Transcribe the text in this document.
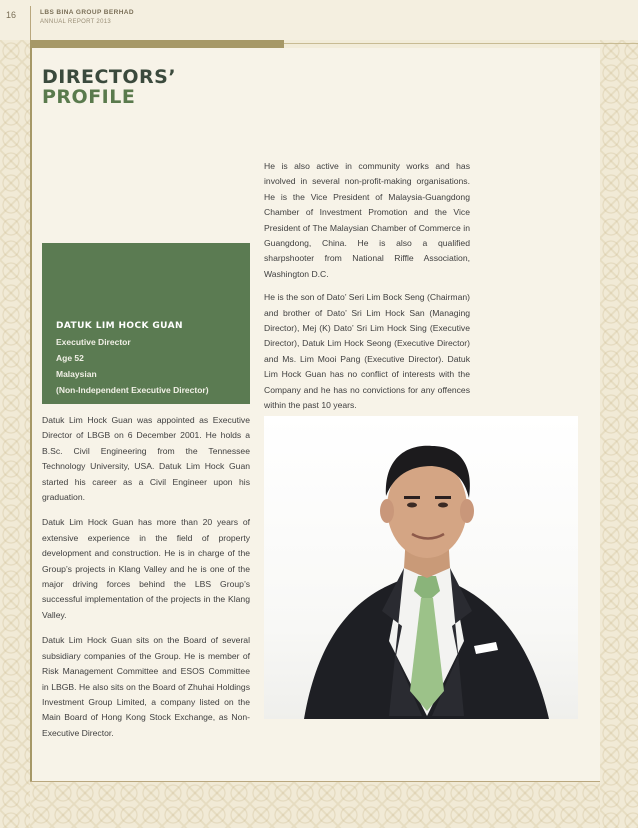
16	LBS BINA GROUP BERHAD
ANNUAL REPORT 2013
DIRECTORS’
PROFILE

He is also active in community works and has involved in several non-profit-making organisations. He is the Vice President of Malaysia-Guangdong Chamber of Investment Promotion and the Vice President of The Malaysian Chamber of Commerce in Guangdong, China. He is also a qualified sharpshooter from National Riffle Association, Washington D.C.

He is the son of Dato’ Seri Lim Bock Seng (Chairman) and brother of Dato’ Sri Lim Hock San (Managing Director), Mej (K) Dato’ Sri Lim Hock Sing (Executive Director), Datuk Lim Hock Seong (Executive Director) and Ms. Lim Mooi Pang (Executive Director). Datuk Lim Hock Guan has no conflict of interests with the Company and he has no convictions for any offences within the past 10 years.

DATUK LIM HOCK GUAN
Executive Director
Age 52
Malaysian
(Non-Independent Executive Director)

Datuk Lim Hock Guan was appointed as Executive Director of LBGB on 6 December 2001. He holds a B.Sc. Civil Engineering from the Tennessee Technology University, USA. Datuk Lim Hock Guan started his career as a Civil Engineer upon his graduation.

Datuk Lim Hock Guan has more than 20 years of extensive experience in the field of property development and construction. He is in charge of the Group’s projects in Klang Valley and he is one of the major driving forces behind the LBS Group’s successful implementation of the projects in the Klang Valley.

Datuk Lim Hock Guan sits on the Board of several subsidiary companies of the Group. He is member of Risk Management Committee and ESOS Committee in LBGB. He also sits on the Board of Zhuhai Holdings Investment Group Limited, a company listed on the Main Board of Hong Kong Stock Exchange, as Non-Executive Director.
